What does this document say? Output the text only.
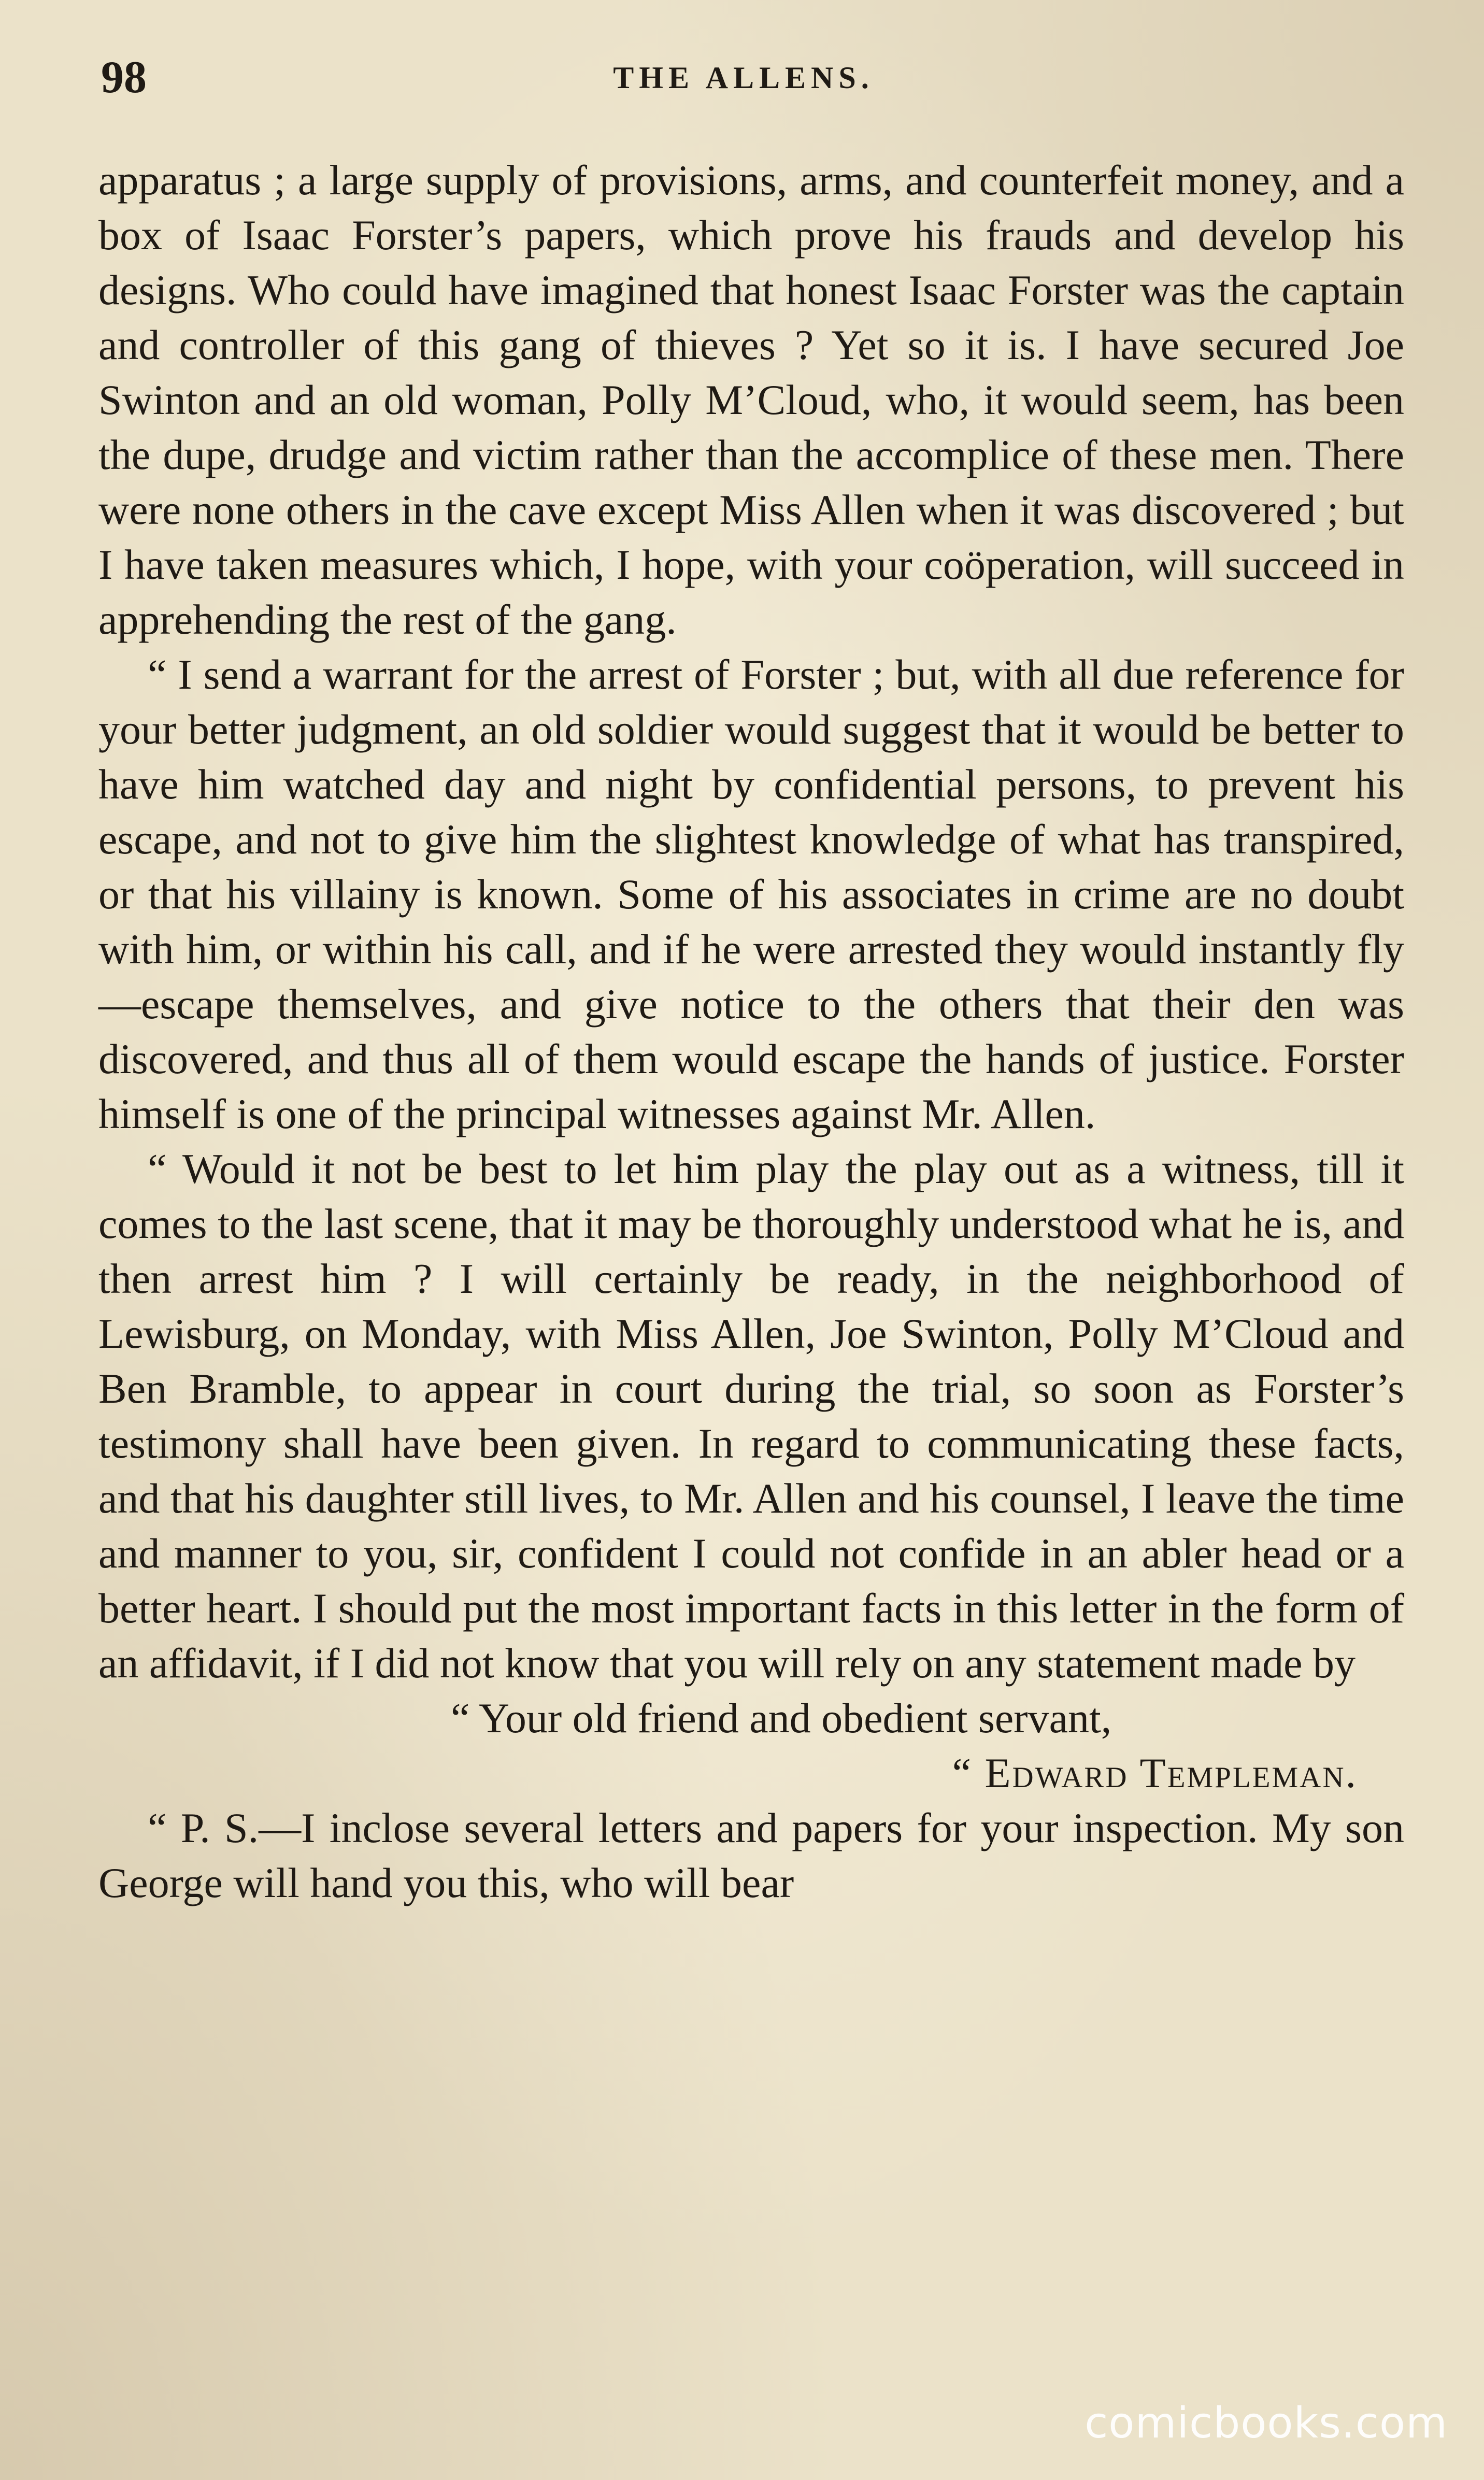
98	THE ALLENS.

apparatus ; a large supply of provisions, arms, and counterfeit money, and a box of Isaac Forster’s papers, which prove his frauds and develop his designs. Who could have imagined that honest Isaac Forster was the captain and controller of this gang of thieves ? Yet so it is. I have secured Joe Swinton and an old woman, Polly M’Cloud, who, it would seem, has been the dupe, drudge and victim rather than the accomplice of these men. There were none others in the cave except Miss Allen when it was discovered ; but I have taken measures which, I hope, with your coöperation, will succeed in apprehending the rest of the gang.

“ I send a warrant for the arrest of Forster ; but, with all due reference for your better judgment, an old soldier would suggest that it would be better to have him watched day and night by confidential persons, to prevent his escape, and not to give him the slightest knowledge of what has transpired, or that his villainy is known. Some of his associates in crime are no doubt with him, or within his call, and if he were arrested they would instantly fly—escape themselves, and give notice to the others that their den was discovered, and thus all of them would escape the hands of justice. Forster himself is one of the principal witnesses against Mr. Allen.

“ Would it not be best to let him play the play out as a witness, till it comes to the last scene, that it may be thoroughly understood what he is, and then arrest him ? I will certainly be ready, in the neighborhood of Lewisburg, on Monday, with Miss Allen, Joe Swinton, Polly M’Cloud and Ben Bramble, to appear in court during the trial, so soon as Forster’s testimony shall have been given. In regard to communicating these facts, and that his daughter still lives, to Mr. Allen and his counsel, I leave the time and manner to you, sir, confident I could not confide in an abler head or a better heart. I should put the most important facts in this letter in the form of an affidavit, if I did not know that you will rely on any statement made by

“ Your old friend and obedient servant,

“ Edward Templeman.

“ P. S.—I inclose several letters and papers for your inspection. My son George will hand you this, who will bear

comicbooks.com
